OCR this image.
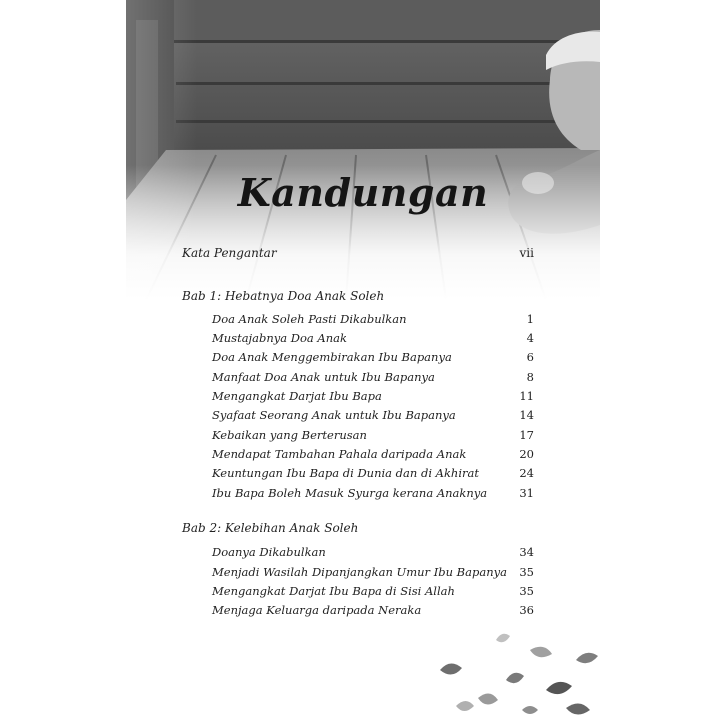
Kandungan
Kata Pengantar	vii
Bab 1: Hebatnya Doa Anak Soleh
Doa Anak Soleh Pasti Dikabulkan	1
Mustajabnya Doa Anak	4
Doa Anak Menggembirakan Ibu Bapanya	6
Manfaat Doa Anak untuk Ibu Bapanya	8
Mengangkat Darjat Ibu Bapa	11
Syafaat Seorang Anak untuk Ibu Bapanya	14
Kebaikan yang Berterusan	17
Mendapat Tambahan Pahala daripada Anak	20
Keuntungan Ibu Bapa di Dunia dan di Akhirat	24
Ibu Bapa Boleh Masuk Syurga kerana Anaknya	31
Bab 2: Kelebihan Anak Soleh
Doanya Dikabulkan	34
Menjadi Wasilah Dipanjangkan Umur Ibu Bapanya 35
Mengangkat Darjat Ibu Bapa di Sisi Allah	35
Menjaga Keluarga daripada Neraka	36
